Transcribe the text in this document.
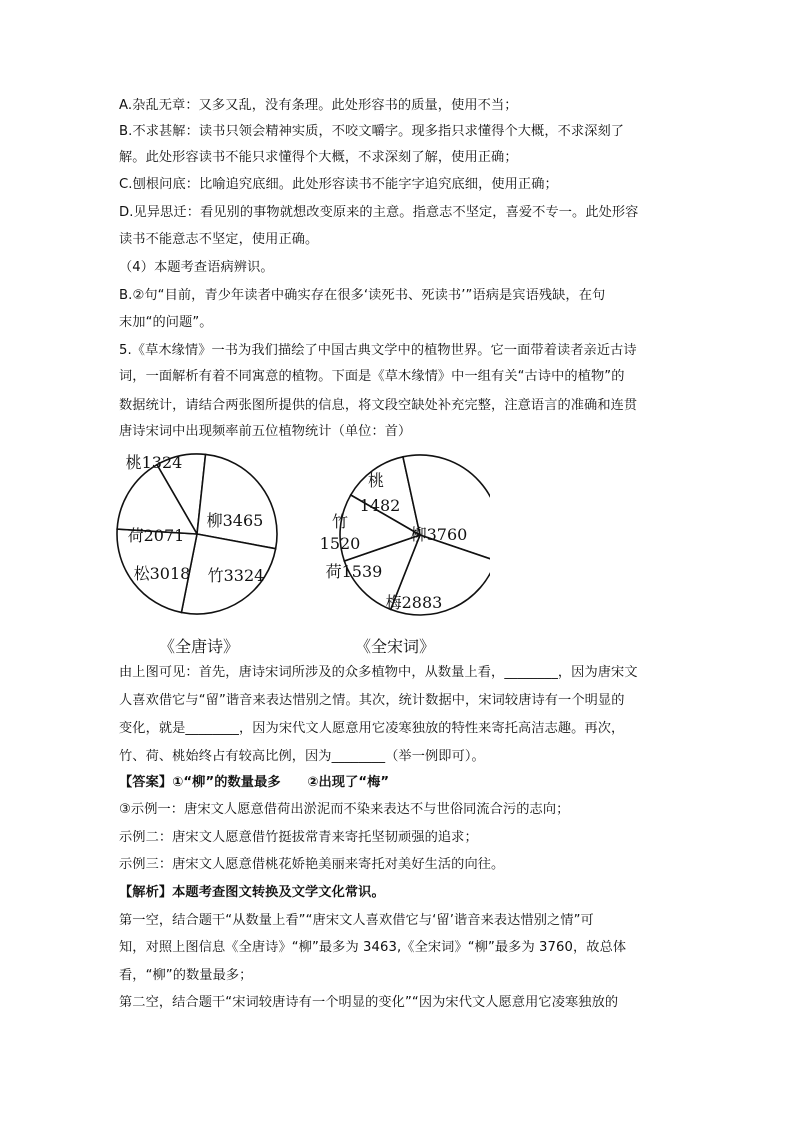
A.杂乱无章：又多又乱，没有条理。此处形容书的质量，使用不当；
B.不求甚解：读书只领会精神实质，不咬文嚼字。现多指只求懂得个大概，不求深刻了
解。此处形容读书不能只求懂得个大概，不求深刻了解，使用正确；
C.刨根问底：比喻追究底细。此处形容读书不能字字追究底细，使用正确；
D.见异思迁：看见别的事物就想改变原来的主意。指意志不坚定，喜爱不专一。此处形容
读书不能意志不坚定，使用正确。
（4）本题考查语病辨识。
B.②句“目前，青少年读者中确实存在很多‘读死书、死读书’”语病是宾语残缺，在句
末加“的问题”。
5.《草木缘情》一书为我们描绘了中国古典文学中的植物世界。它一面带着读者亲近古诗
词，一面解析有着不同寓意的植物。下面是《草木缘情》中一组有关“古诗中的植物”的
数据统计，请结合两张图所提供的信息，将文段空缺处补充完整，注意语言的准确和连贯
唐诗宋词中出现频率前五位植物统计（单位：首）
桃1324
柳3465
竹3324
松3018
荷2071
《全唐诗》
桃
1482
柳3760
梅2883
荷1539
竹
1520
《全宋词》
由上图可见：首先，唐诗宋词所涉及的众多植物中，从数量上看，________，因为唐宋文
人喜欢借它与“留”谐音来表达惜别之情。其次，统计数据中，宋词较唐诗有一个明显的
变化，就是________，因为宋代文人愿意用它凌寒独放的特性来寄托高洁志趣。再次，
竹、荷、桃始终占有较高比例，因为________（举一例即可）。
【答案】①“柳”的数量最多　　②出现了“梅”
③示例一：唐宋文人愿意借荷出淤泥而不染来表达不与世俗同流合污的志向；
示例二：唐宋文人愿意借竹挺拔常青来寄托坚韧顽强的追求；
示例三：唐宋文人愿意借桃花娇艳美丽来寄托对美好生活的向往。
【解析】本题考查图文转换及文学文化常识。
第一空，结合题干“从数量上看”“唐宋文人喜欢借它与‘留’谐音来表达惜别之情”可
知，对照上图信息《全唐诗》“柳”最多为 3463,《全宋词》“柳”最多为 3760，故总体
看，“柳”的数量最多；
第二空，结合题干“宋词较唐诗有一个明显的变化”“因为宋代文人愿意用它凌寒独放的
